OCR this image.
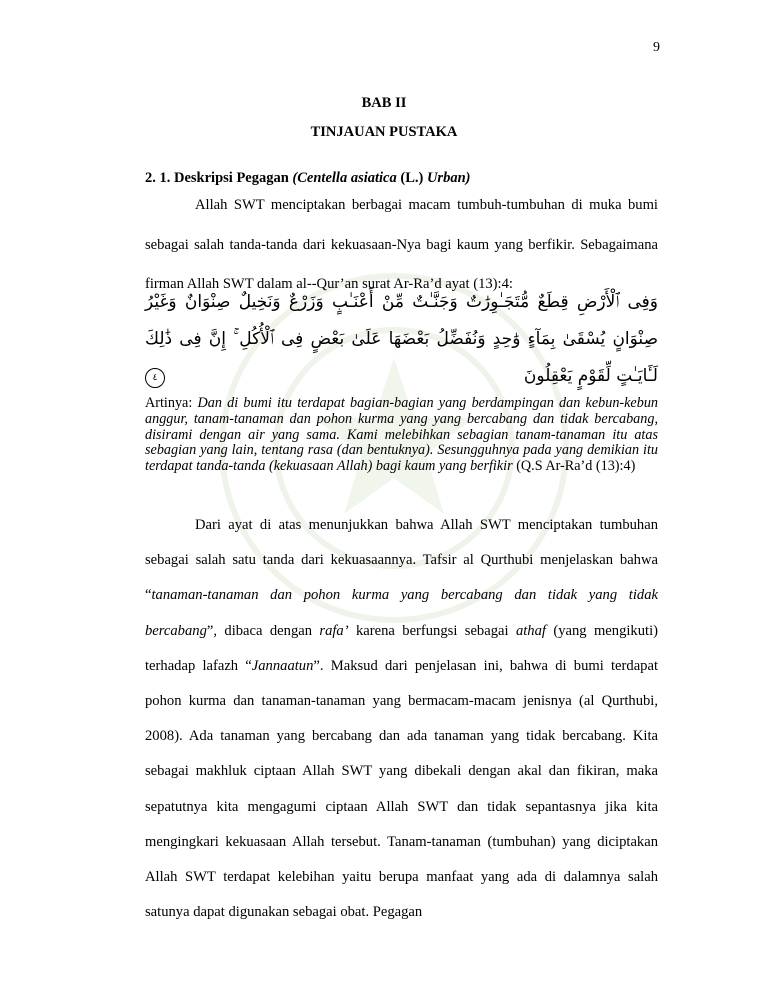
9
BAB II
TINJAUAN PUSTAKA
2. 1. Deskripsi Pegagan (Centella asiatica (L.) Urban)
Allah SWT menciptakan berbagai macam tumbuh-tumbuhan di muka bumi sebagai salah tanda-tanda dari kekuasaan-Nya bagi kaum yang berfikir. Sebagaimana firman Allah SWT dalam al--Qur’an surat Ar-Ra’d ayat (13):4:
وَفِى ٱلْأَرْضِ قِطَعٌ مُّتَجَـٰوِرَٰتٌ وَجَنَّـٰتٌ مِّنْ أَعْنَـٰبٍ وَزَرْعٌ وَنَخِيلٌ صِنْوَانٌ وَغَيْرُ صِنْوَانٍ يُسْقَىٰ بِمَآءٍ وَٰحِدٍ وَنُفَضِّلُ بَعْضَهَا عَلَىٰ بَعْضٍ فِى ٱلْأُكُلِ ۚ إِنَّ فِى ذَٰلِكَ لَـَٔايَـٰتٍ لِّقَوْمٍ يَعْقِلُونَ
٤
Artinya: Dan di bumi itu terdapat bagian-bagian yang berdampingan dan kebun-kebun anggur, tanam-tanaman dan pohon kurma yang yang bercabang dan tidak bercabang, disirami dengan air yang sama. Kami melebihkan sebagian tanam-tanaman itu atas sebagian yang lain, tentang rasa (dan bentuknya). Sesungguhnya pada yang demikian itu terdapat tanda-tanda (kekuasaan Allah) bagi kaum yang berfikir (Q.S Ar-Ra’d (13):4)
Dari ayat di atas menunjukkan bahwa Allah SWT menciptakan tumbuhan sebagai salah satu tanda dari kekuasaannya. Tafsir al Qurthubi menjelaskan bahwa “tanaman-tanaman dan pohon kurma yang bercabang dan tidak yang tidak bercabang”, dibaca dengan rafa’ karena berfungsi sebagai athaf (yang mengikuti) terhadap lafazh “Jannaatun”. Maksud dari penjelasan ini, bahwa di bumi terdapat pohon kurma dan tanaman-tanaman yang bermacam-macam jenisnya (al Qurthubi, 2008). Ada tanaman yang bercabang dan ada tanaman yang tidak bercabang. Kita sebagai makhluk ciptaan Allah SWT yang dibekali dengan akal dan fikiran, maka sepatutnya kita mengagumi ciptaan Allah SWT dan tidak sepantasnya jika kita mengingkari kekuasaan Allah tersebut. Tanam-tanaman (tumbuhan) yang diciptakan Allah SWT terdapat kelebihan yaitu berupa manfaat yang ada di dalamnya salah satunya dapat digunakan sebagai obat. Pegagan
